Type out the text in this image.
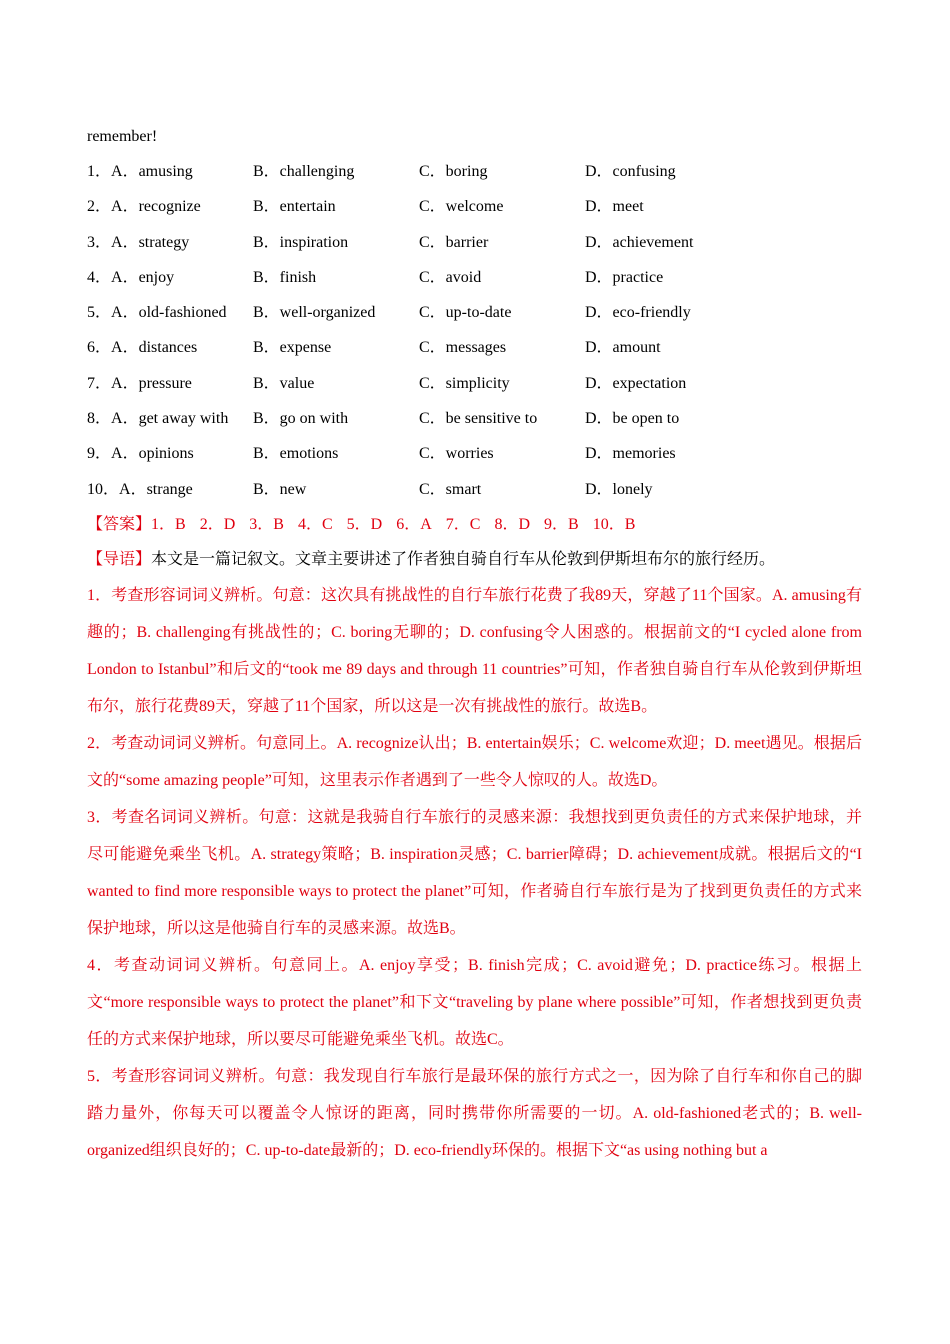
remember!
1．A．amusing	B．challenging	C．boring	D．confusing
2．A．recognize	B．entertain	C．welcome	D．meet
3．A．strategy	B．inspiration	C．barrier	D．achievement
4．A．enjoy	B．finish	C．avoid	D．practice
5．A．old-fashioned	B．well-organized	C．up-to-date	D．eco-friendly
6．A．distances	B．expense	C．messages	D．amount
7．A．pressure	B．value	C．simplicity	D．expectation
8．A．get away with	B．go on with	C．be sensitive to	D．be open to
9．A．opinions	B．emotions	C．worries	D．memories
10．A．strange	B．new	C．smart	D．lonely
【答案】1．B 2．D 3．B 4．C 5．D 6．A 7．C 8．D 9．B 10．B
【导语】本文是一篇记叙文。文章主要讲述了作者独自骑自行车从伦敦到伊斯坦布尔的旅行经历。
1．考查形容词词义辨析。句意：这次具有挑战性的自行车旅行花费了我89天，穿越了11个国家。A. amusing有趣的；B. challenging有挑战性的；C. boring无聊的；D. confusing令人困惑的。根据前文的“I cycled alone from London to Istanbul”和后文的“took me 89 days and through 11 countries”可知，作者独自骑自行车从伦敦到伊斯坦布尔，旅行花费89天，穿越了11个国家，所以这是一次有挑战性的旅行。故选B。
2．考查动词词义辨析。句意同上。A. recognize认出；B. entertain娱乐；C. welcome欢迎；D. meet遇见。根据后文的“some amazing people”可知，这里表示作者遇到了一些令人惊叹的人。故选D。
3．考查名词词义辨析。句意：这就是我骑自行车旅行的灵感来源：我想找到更负责任的方式来保护地球，并尽可能避免乘坐飞机。A. strategy策略；B. inspiration灵感；C. barrier障碍；D. achievement成就。根据后文的“I wanted to find more responsible ways to protect the planet”可知，作者骑自行车旅行是为了找到更负责任的方式来保护地球，所以这是他骑自行车的灵感来源。故选B。
4．考查动词词义辨析。句意同上。A. enjoy享受；B. finish完成；C. avoid避免；D. practice练习。根据上文“more responsible ways to protect the planet”和下文“traveling by plane where possible”可知，作者想找到更负责任的方式来保护地球，所以要尽可能避免乘坐飞机。故选C。
5．考查形容词词义辨析。句意：我发现自行车旅行是最环保的旅行方式之一，因为除了自行车和你自己的脚踏力量外，你每天可以覆盖令人惊讶的距离，同时携带你所需要的一切。A. old-fashioned老式的；B. well-organized组织良好的；C. up-to-date最新的；D. eco-friendly环保的。根据下文“as using nothing but a
